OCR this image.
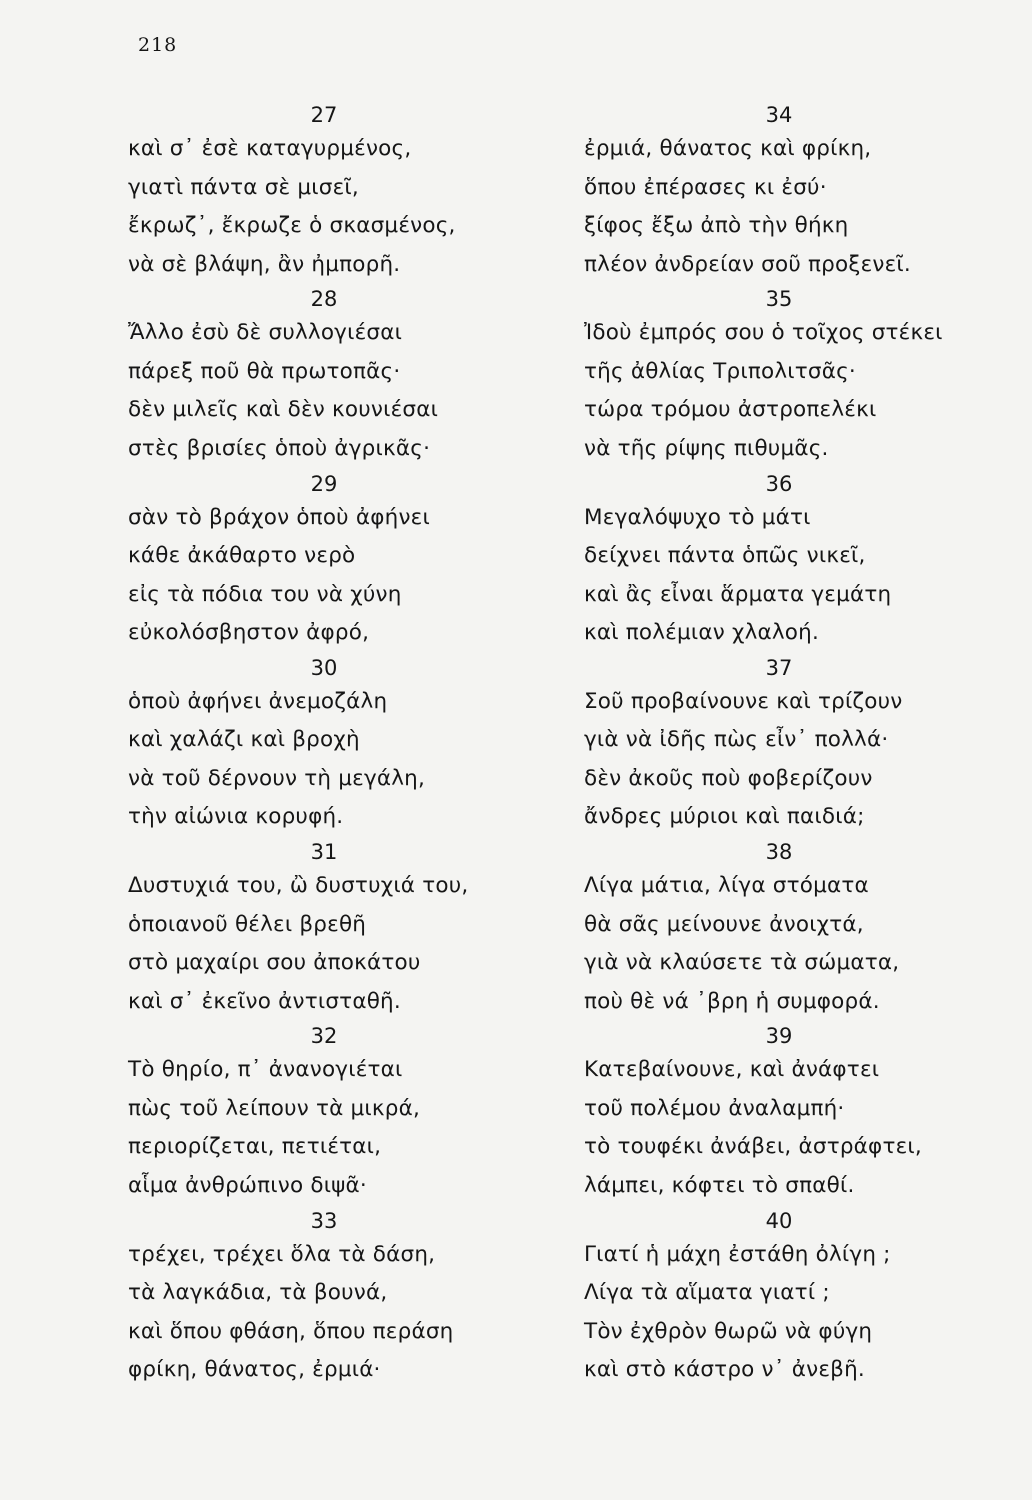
218
27
καὶ σ᾿ ἐσὲ καταγυρμένος,
γιατὶ πάντα σὲ μισεῖ,
ἔκρωζ᾿, ἔκρωζε ὁ σκασμένος,
νὰ σὲ βλάψη, ἂν ἠμπορῆ.
28
Ἄλλο ἐσὺ δὲ συλλογιέσαι
πάρεξ ποῦ θὰ πρωτοπᾶς·
δὲν μιλεῖς καὶ δὲν κουνιέσαι
στὲς βρισίες ὁποὺ ἀγρικᾶς·
29
σὰν τὸ βράχον ὁποὺ ἀφήνει
κάθε ἀκάθαρτο νερὸ
εἰς τὰ πόδια του νὰ χύνη
εὐκολόσβηστον ἀφρό,
30
ὁποὺ ἀφήνει ἀνεμοζάλη
καὶ χαλάζι καὶ βροχὴ
νὰ τοῦ δέρνουν τὴ μεγάλη,
τὴν αἰώνια κορυφή.
31
Δυστυχιά του, ὢ δυστυχιά του,
ὁποιανοῦ θέλει βρεθῆ
στὸ μαχαίρι σου ἀποκάτου
καὶ σ᾿ ἐκεῖνο ἀντισταθῆ.
32
Τὸ θηρίο, π᾿ ἀνανογιέται
πὼς τοῦ λείπουν τὰ μικρά,
περιορίζεται, πετιέται,
αἷμα ἀνθρώπινο διψᾶ·
33
τρέχει, τρέχει ὅλα τὰ δάση,
τὰ λαγκάδια, τὰ βουνά,
καὶ ὅπου φθάση, ὅπου περάση
φρίκη, θάνατος, ἐρμιά·
34
ἐρμιά, θάνατος καὶ φρίκη,
ὅπου ἐπέρασες κι ἐσύ·
ξίφος ἔξω ἀπὸ τὴν θήκη
πλέον ἀνδρείαν σοῦ προξενεῖ.
35
Ἰδοὺ ἐμπρός σου ὁ τοῖχος στέκει
τῆς ἀθλίας Τριπολιτσᾶς·
τώρα τρόμου ἀστροπελέκι
νὰ τῆς ρίψης πιθυμᾶς.
36
Μεγαλόψυχο τὸ μάτι
δείχνει πάντα ὁπῶς νικεῖ,
καὶ ἂς εἶναι ἅρματα γεμάτη
καὶ πολέμιαν χλαλοή.
37
Σοῦ προβαίνουνε καὶ τρίζουν
γιὰ νὰ ἰδῆς πὼς εἶν᾿ πολλά·
δὲν ἀκοῦς ποὺ φοβερίζουν
ἄνδρες μύριοι καὶ παιδιά;
38
Λίγα μάτια, λίγα στόματα
θὰ σᾶς μείνουνε ἀνοιχτά,
γιὰ νὰ κλαύσετε τὰ σώματα,
ποὺ θὲ νά ᾿βρη ἡ συμφορά.
39
Κατεβαίνουνε, καὶ ἀνάφτει
τοῦ πολέμου ἀναλαμπή·
τὸ τουφέκι ἀνάβει, ἀστράφτει,
λάμπει, κόφτει τὸ σπαθί.
40
Γιατί ἡ μάχη ἐστάθη ὀλίγη ;
Λίγα τὰ αἵματα γιατί ;
Τὸν ἐχθρὸν θωρῶ νὰ φύγη
καὶ στὸ κάστρο ν᾿ ἀνεβῆ.
